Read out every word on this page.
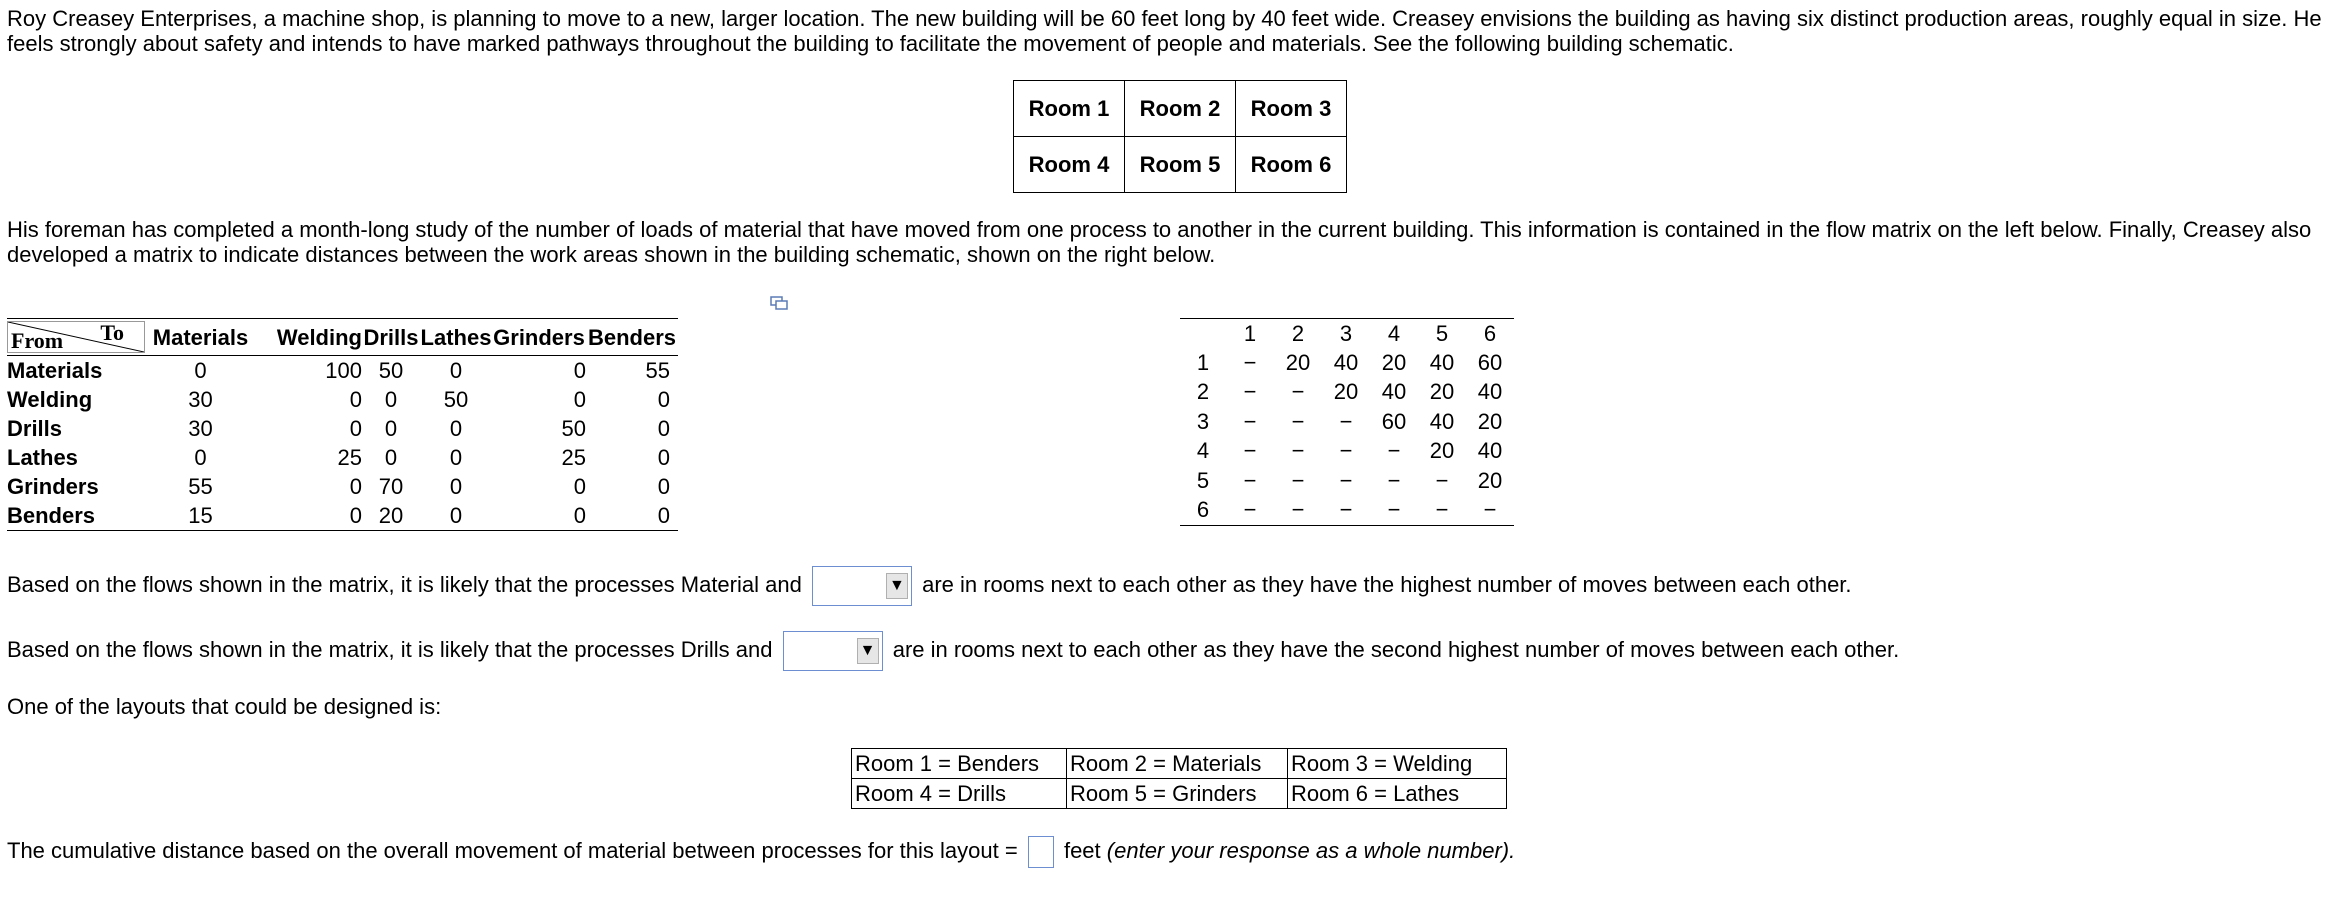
Roy Creasey Enterprises, a machine shop, is planning to move to a new, larger location. The new building will be 60 feet long by 40 feet wide. Creasey envisions the building as having six distinct production areas, roughly equal in size. He feels strongly about safety and intends to have marked pathways throughout the building to facilitate the movement of people and materials. See the following building schematic.
Room 1	Room 2	Room 3
Room 4	Room 5	Room 6
His foreman has completed a month-long study of the number of loads of material that have moved from one process to another in the current building. This information is contained in the flow matrix on the left below. Finally, Creasey also developed a matrix to indicate distances between the work areas shown in the building schematic, shown on the right below.
From To	Materials	Welding	Drills	Lathes	Grinders	Benders
Materials	0	100	50	0	0	55
Welding	30	0	0	50	0	0
Drills	30	0	0	0	50	0
Lathes	0	25	0	0	25	0
Grinders	55	0	70	0	0	0
Benders	15	0	20	0	0	0
	1	2	3	4	5	6
1	−	20	40	20	40	60
2	−	−	20	40	20	40
3	−	−	−	60	40	20
4	−	−	−	−	20	40
5	−	−	−	−	−	20
6	−	−	−	−	−	−
Based on the flows shown in the matrix, it is likely that the processes Material and	▼ are in rooms next to each other as they have the highest number of moves between each other.
Based on the flows shown in the matrix, it is likely that the processes Drills and	▼ are in rooms next to each other as they have the second highest number of moves between each other.
One of the layouts that could be designed is:
Room 1 = Benders	Room 2 = Materials	Room 3 = Welding
Room 4 = Drills	Room 5 = Grinders	Room 6 = Lathes
The cumulative distance based on the overall movement of material between processes for this layout = feet (enter your response as a whole number).
